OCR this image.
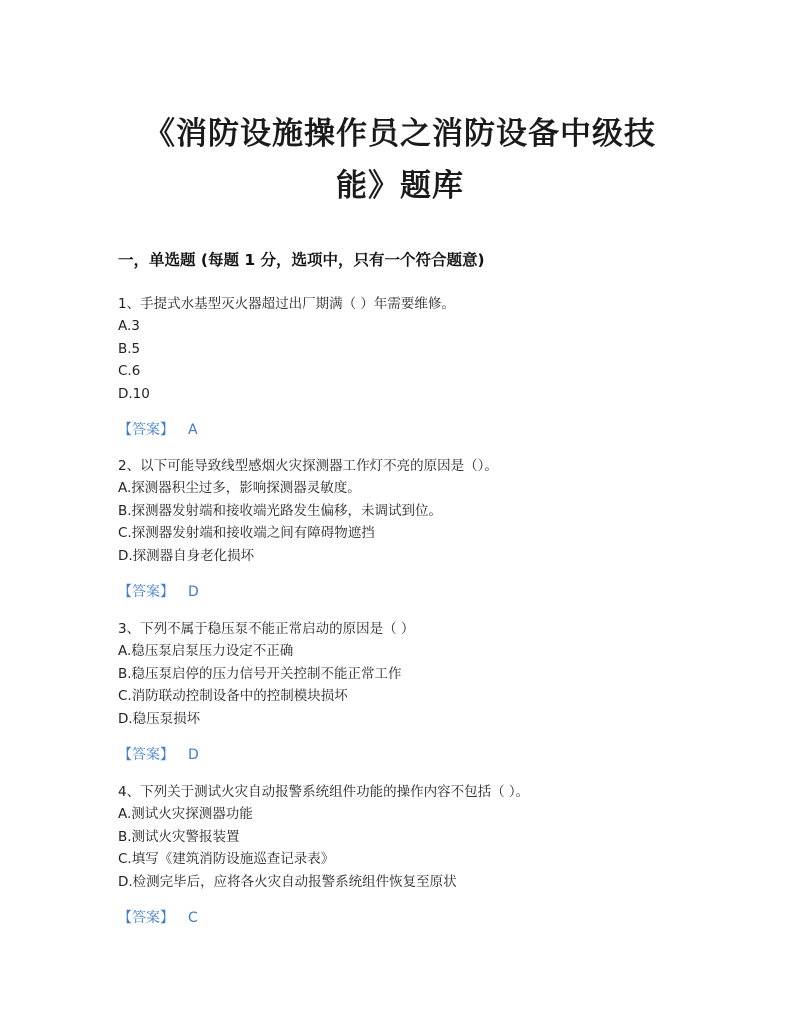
《消防设施操作员之消防设备中级技
能》题库
一，单选题 (每题 1 分，选项中，只有一个符合题意)
1、手提式水基型灭火器超过出厂期满（ ）年需要维修。
A.3
B.5
C.6
D.10
【答案】 A
2、以下可能导致线型感烟火灾探测器工作灯不亮的原因是（）。
A.探测器积尘过多，影响探测器灵敏度。
B.探测器发射端和接收端光路发生偏移，未调试到位。
C.探测器发射端和接收端之间有障碍物遮挡
D.探测器自身老化损坏
【答案】 D
3、下列不属于稳压泵不能正常启动的原因是（ ）
A.稳压泵启泵压力设定不正确
B.稳压泵启停的压力信号开关控制不能正常工作
C.消防联动控制设备中的控制模块损坏
D.稳压泵损坏
【答案】 D
4、下列关于测试火灾自动报警系统组件功能的操作内容不包括（ ）。
A.测试火灾探测器功能
B.测试火灾警报装置
C.填写《建筑消防设施巡查记录表》
D.检测完毕后，应将各火灾自动报警系统组件恢复至原状
【答案】 C
